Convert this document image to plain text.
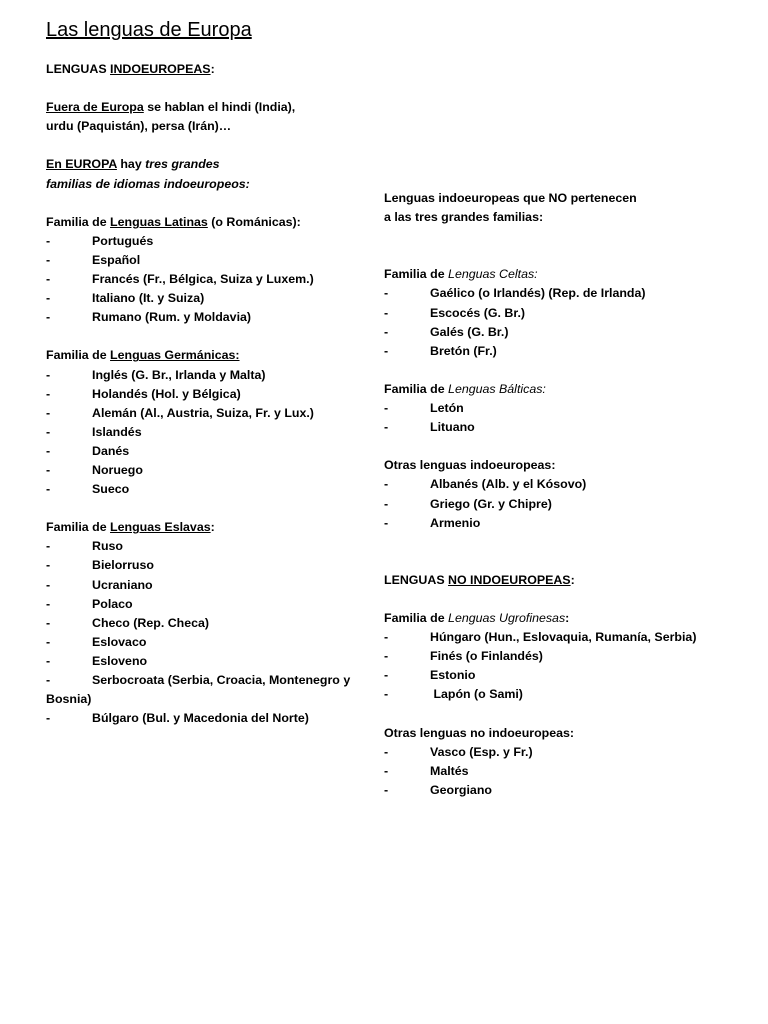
Las lenguas de Europa
LENGUAS INDOEUROPEAS:
Fuera de Europa se hablan el hindi (India),
urdu (Paquistán), persa (Irán)…
En EUROPA hay tres grandes
familias de idiomas indoeuropeos:
Familia de Lenguas Latinas (o Románicas):
-	Portugués
-	Español
-	Francés (Fr., Bélgica, Suiza y Luxem.)
-	Italiano (It. y Suiza)
-	Rumano (Rum. y Moldavia)
Familia de Lenguas Germánicas:
-	Inglés (G. Br., Irlanda y Malta)
-	Holandés (Hol. y Bélgica)
-	Alemán (Al., Austria, Suiza, Fr. y Lux.)
-	Islandés
-	Danés
-	Noruego
-	Sueco
Familia de Lenguas Eslavas:
-	Ruso
-	Bielorruso
-	Ucraniano
-	Polaco
-	Checo (Rep. Checa)
-	Eslovaco
-	Esloveno
-	Serbocroata (Serbia, Croacia, Montenegro y
Bosnia)
-	Búlgaro (Bul. y Macedonia del Norte)
Lenguas indoeuropeas que NO pertenecen
a las tres grandes familias:
Familia de Lenguas Celtas:
-	Gaélico (o Irlandés) (Rep. de Irlanda)
-	Escocés (G. Br.)
-	Galés (G. Br.)
-	Bretón (Fr.)
Familia de Lenguas Bálticas:
-	Letón
-	Lituano
Otras lenguas indoeuropeas:
-	Albanés (Alb. y el Kósovo)
-	Griego (Gr. y Chipre)
-	Armenio
LENGUAS NO INDOEUROPEAS:
Familia de Lenguas Ugrofinesas:
-	Húngaro (Hun., Eslovaquia, Rumanía, Serbia)
-	Finés (o Finlandés)
-	Estonio
-	Lapón (o Sami)
Otras lenguas no indoeuropeas:
-	Vasco (Esp. y Fr.)
-	Maltés
-	Georgiano
